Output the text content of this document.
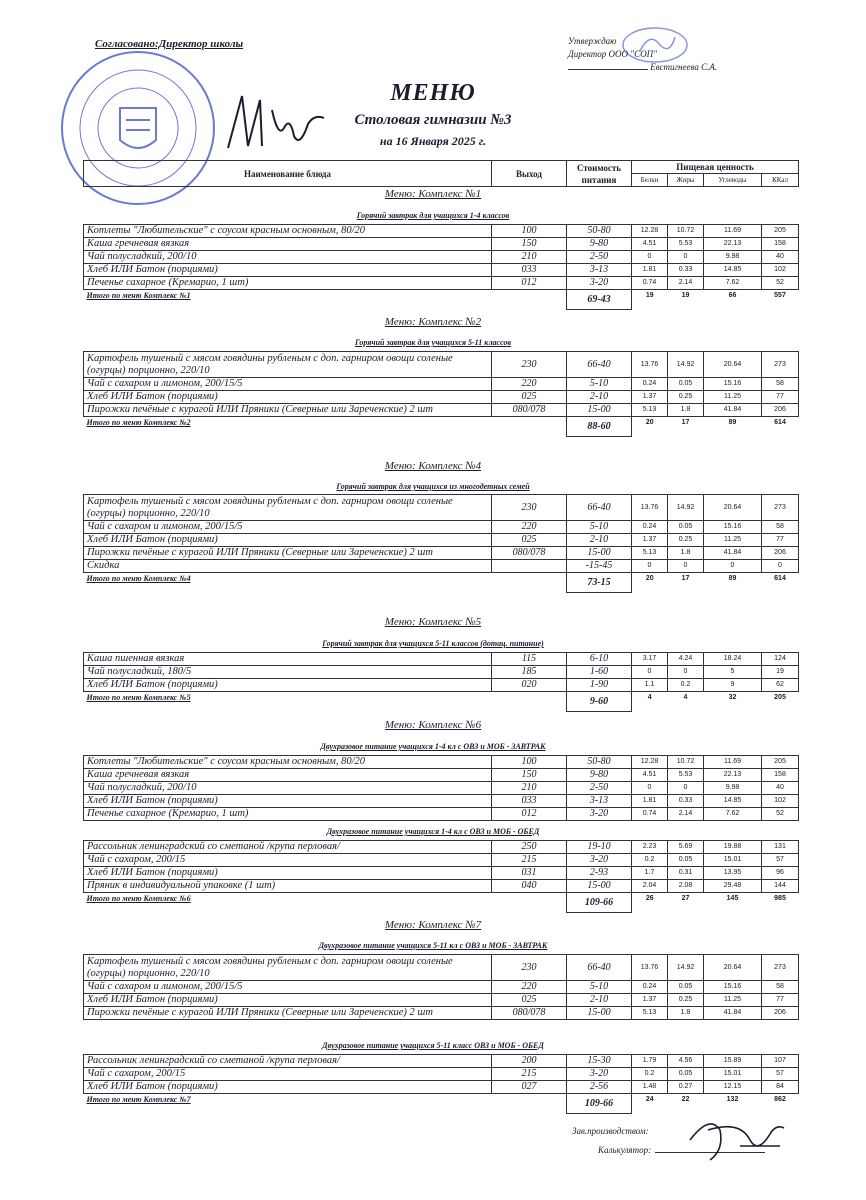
Согласовано:Директор школы	Утверждаю
Директор ООО "СОП"
Евстигнеева С.А.
МЕНЮ
Столовая гимназии №3
на 16 Января 2025 г.
Наименование блюда	Выход	Стоимость питания	Пищевая ценность			
			Белки	Жиры	Углеводы	ККал
Меню: Комплекс №1
Горячий завтрак для учащихся 1-4 классов
Котлеты "Любительские" с соусом красным основным, 80/20	100	50-80	12.28	10.72	11.69	205
Каша гречневая вязкая	150	9-80	4.51	5.53	22.13	158
Чай полусладкий, 200/10	210	2-50	0	0	9.98	40
Хлеб ИЛИ Батон (порциями)	033	3-13	1.81	0.33	14.85	102
Печенье сахарное (Кремарио, 1 шт)	012	3-20	0.74	2.14	7.62	52
Итого по меню Комплекс №1		69-43	19	19	66	557
Меню: Комплекс №2
Горячий завтрак для учащихся 5-11 классов
Картофель тушеный с мясом говядины рубленым с доп. гарниром овощи соленые (огурцы) порционно, 220/10	230	66-40	13.76	14.92	20.64	273
Чай с сахаром и лимоном, 200/15/5	220	5-10	0.24	0.05	15.16	58
Хлеб ИЛИ Батон (порциями)	025	2-10	1.37	0.25	11.25	77
Пирожки печёные с курагой ИЛИ Пряники (Северные или Зареченские) 2 шт	080/078	15-00	5.13	1.8	41.84	206
Итого по меню Комплекс №2		88-60	20	17	89	614
Меню: Комплекс №4
Горячий завтрак для учащихся из многодетных семей
Картофель тушеный с мясом говядины рубленым с доп. гарниром овощи соленые (огурцы) порционно, 220/10	230	66-40	13.76	14.92	20.64	273
Чай с сахаром и лимоном, 200/15/5	220	5-10	0.24	0.05	15.16	58
Хлеб ИЛИ Батон (порциями)	025	2-10	1.37	0.25	11.25	77
Пирожки печёные с курагой ИЛИ Пряники (Северные или Зареченские) 2 шт	080/078	15-00	5.13	1.8	41.84	206
Скидка		-15-45	0	0	0	0
Итого по меню Комплекс №4		73-15	20	17	89	614
Меню: Комплекс №5
Горячий завтрак для учащихся 5-11 классов (дотац. питание)
Каша пшенная вязкая	115	6-10	3.17	4.24	18.24	124
Чай полусладкий, 180/5	185	1-60	0	0	5	19
Хлеб ИЛИ Батон (порциями)	020	1-90	1.1	0.2	9	62
Итого по меню Комплекс №5		9-60	4	4	32	205
Меню: Комплекс №6
Двухразовое питание учащихся 1-4 кл с ОВЗ и МОБ - ЗАВТРАК
Котлеты "Любительские" с соусом красным основным, 80/20	100	50-80	12.28	10.72	11.69	205
Каша гречневая вязкая	150	9-80	4.51	5.53	22.13	158
Чай полусладкий, 200/10	210	2-50	0	0	9.98	40
Хлеб ИЛИ Батон (порциями)	033	3-13	1.81	0.33	14.85	102
Печенье сахарное (Кремарио, 1 шт)	012	3-20	0.74	2.14	7.62	52
Двухразовое питание учащихся 1-4 кл с ОВЗ и МОБ - ОБЕД
Рассольник ленинградский со сметаной /крупа перловая/	250	19-10	2.23	5.69	19.88	131
Чай с сахаром, 200/15	215	3-20	0.2	0.05	15.01	57
Хлеб ИЛИ Батон (порциями)	031	2-93	1.7	0.31	13.95	96
Пряник в индивидуальной упаковке (1 шт)	040	15-00	2.04	2.08	29.48	144
Итого по меню Комплекс №6		109-66	26	27	145	985
Меню: Комплекс №7
Двухразовое питание учащихся 5-11 кл с ОВЗ и МОБ - ЗАВТРАК
Картофель тушеный с мясом говядины рубленым с доп. гарниром овощи соленые (огурцы) порционно, 220/10	230	66-40	13.76	14.92	20.64	273
Чай с сахаром и лимоном, 200/15/5	220	5-10	0.24	0.05	15.16	58
Хлеб ИЛИ Батон (порциями)	025	2-10	1.37	0.25	11.25	77
Пирожки печёные с курагой ИЛИ Пряники (Северные или Зареченские) 2 шт	080/078	15-00	5.13	1.8	41.84	206
Двухразовое питание учащихся 5-11 класс ОВЗ и МОБ - ОБЕД
Рассольник ленинградский со сметаной /крупа перловая/	200	15-30	1.79	4.56	15.89	107
Чай с сахаром, 200/15	215	3-20	0.2	0.05	15.01	57
Хлеб ИЛИ Батон (порциями)	027	2-56	1.48	0.27	12.15	84
Итого по меню Комплекс №7		109-66	24	22	132	862
Зав.производством:
Калькулятор:
